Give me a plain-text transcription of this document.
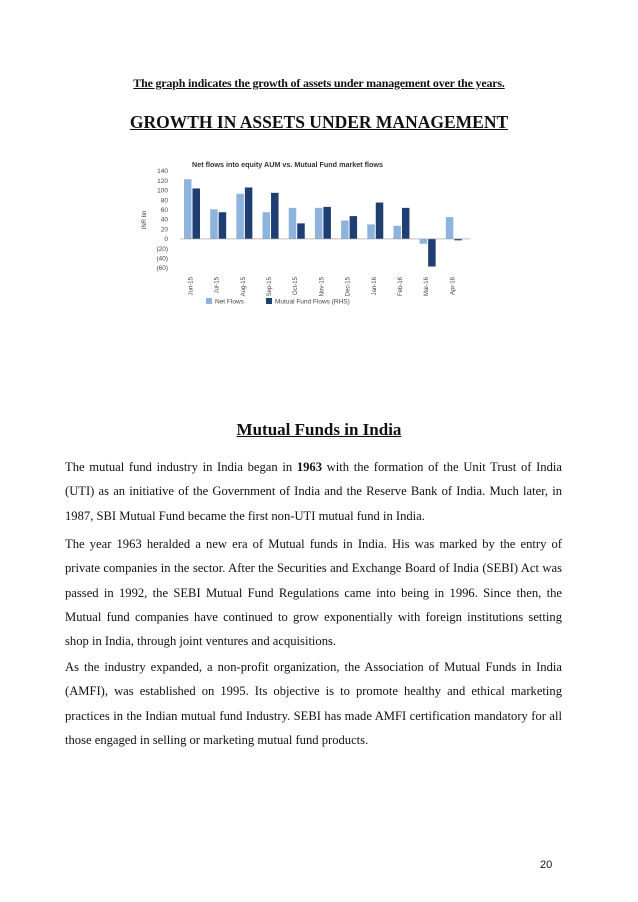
The graph indicates the growth of assets under management over the years.
GROWTH IN ASSETS UNDER MANAGEMENT
Net flows into equity AUM vs. Mutual Fund market flows
INR bn
140
120
100
80
60
40
20
0
(20)
(40)
(60)
Jun-15	Jul-15	Aug-15	Sep-15	Oct-15	Nov-15	Dec-15	Jan-16	Feb-16	Mar-16	Apr-16
Net Flows	Mutual Fund Flows (RHS)
Mutual Funds in India

The mutual fund industry in India began in 1963 with the formation of the Unit Trust of India (UTI) as an initiative of the Government of India and the Reserve Bank of India. Much later, in 1987, SBI Mutual Fund became the first non-UTI mutual fund in India.

The year 1963 heralded a new era of Mutual funds in India. His was marked by the entry of private companies in the sector. After the Securities and Exchange Board of India (SEBI) Act was passed in 1992, the SEBI Mutual Fund Regulations came into being in 1996. Since then, the Mutual fund companies have continued to grow exponentially with foreign institutions setting shop in India, through joint ventures and acquisitions.

As the industry expanded, a non-profit organization, the Association of Mutual Funds in India (AMFI), was established on 1995. Its objective is to promote healthy and ethical marketing practices in the Indian mutual fund Industry. SEBI has made AMFI certification mandatory for all those engaged in selling or marketing mutual fund products.

20
